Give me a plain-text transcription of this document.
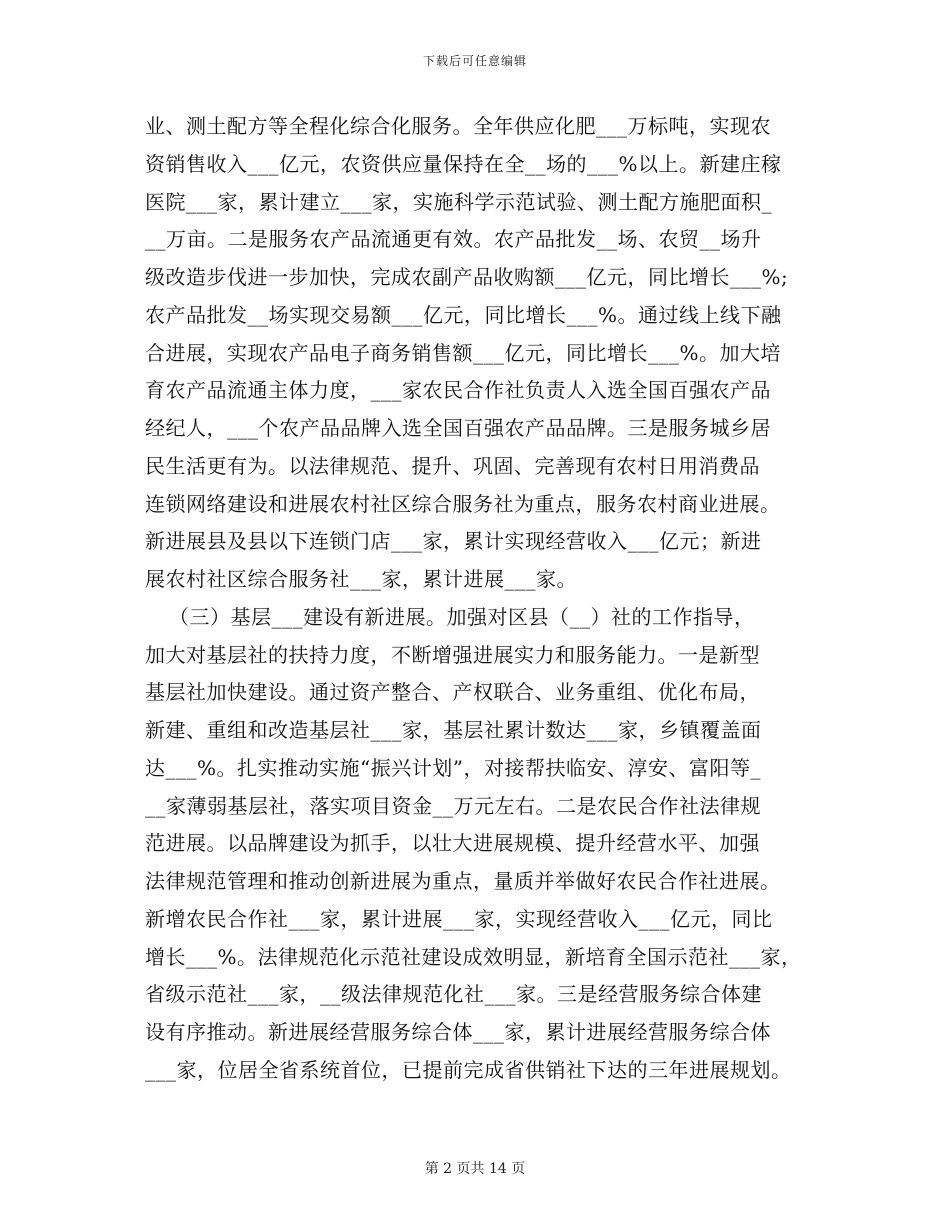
下载后可任意编辑
业、测土配方等全程化综合化服务。全年供应化肥___万标吨，实现农
资销售收入___亿元，农资供应量保持在全__场的___%以上。新建庄稼
医院___家，累计建立___家，实施科学示范试验、测土配方施肥面积_
__万亩。二是服务农产品流通更有效。农产品批发__场、农贸__场升
级改造步伐进一步加快，完成农副产品收购额___亿元，同比增长___%;
农产品批发__场实现交易额___亿元，同比增长___%。通过线上线下融
合进展，实现农产品电子商务销售额___亿元，同比增长___%。加大培
育农产品流通主体力度，___家农民合作社负责人入选全国百强农产品
经纪人，___个农产品品牌入选全国百强农产品品牌。三是服务城乡居
民生活更有为。以法律规范、提升、巩固、完善现有农村日用消费品
连锁网络建设和进展农村社区综合服务社为重点，服务农村商业进展。
新进展县及县以下连锁门店___家，累计实现经营收入___亿元；新进
展农村社区综合服务社___家，累计进展___家。
（三）基层___建设有新进展。加强对区县（__）社的工作指导，
加大对基层社的扶持力度，不断增强进展实力和服务能力。一是新型
基层社加快建设。通过资产整合、产权联合、业务重组、优化布局，
新建、重组和改造基层社___家，基层社累计数达___家，乡镇覆盖面
达___%。扎实推动实施“振兴计划”，对接帮扶临安、淳安、富阳等_
__家薄弱基层社，落实项目资金__万元左右。二是农民合作社法律规
范进展。以品牌建设为抓手，以壮大进展规模、提升经营水平、加强
法律规范管理和推动创新进展为重点，量质并举做好农民合作社进展。
新增农民合作社___家，累计进展___家，实现经营收入___亿元，同比
增长___%。法律规范化示范社建设成效明显，新培育全国示范社___家，
省级示范社___家，__级法律规范化社___家。三是经营服务综合体建
设有序推动。新进展经营服务综合体___家，累计进展经营服务综合体
___家，位居全省系统首位，已提前完成省供销社下达的三年进展规划。
第 2 页共 14 页
